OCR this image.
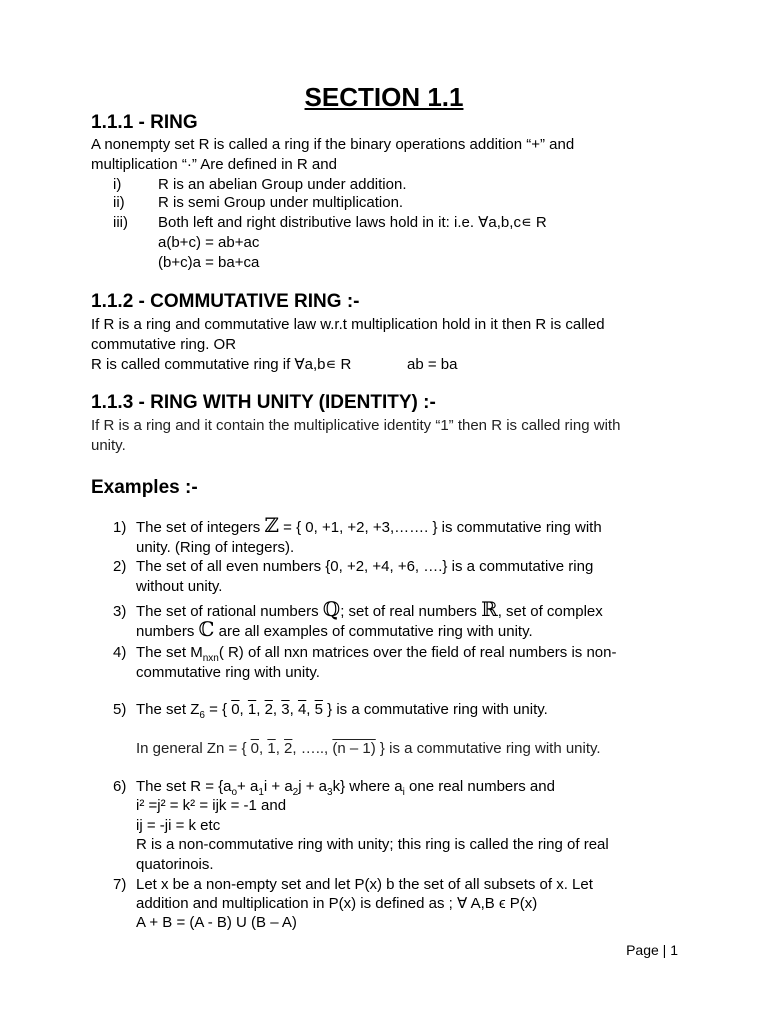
SECTION 1.1
1.1.1 - RING
A nonempty set R is called a ring if the binary operations addition “+” and
multiplication “·” Are defined in R and
i) R is an abelian Group under addition.
ii) R is semi Group under multiplication.
iii) Both left and right distributive laws hold in it: i.e. ∀a,b,c∊ R
a(b+c) = ab+ac
(b+c)a = ba+ca
1.1.2 - COMMUTATIVE RING :-
If R is a ring and commutative law w.r.t multiplication hold in it then R is called
commutative ring. OR
R is called commutative ring if ∀a,b∊ R	ab = ba
1.1.3 - RING WITH UNITY (IDENTITY) :-
If R is a ring and it contain the multiplicative identity “1” then R is called ring with
unity.
Examples :-
1) The set of integers ℤ = { 0, +1, +2, +3,……. } is commutative ring with
unity. (Ring of integers).
2) The set of all even numbers {0, +2, +4, +6, ….} is a commutative ring
without unity.
3) The set of rational numbers ℚ; set of real numbers ℝ, set of complex
numbers ℂ are all examples of commutative ring with unity.
4) The set $M_{nxn}$( R) of all nxn matrices over the field of real numbers is non-
commutative ring with unity.
5) The set $Z_6$ = { 0, 1, 2, 3, 4, 5 } is a commutative ring with unity.
In general Zn = { 0, 1, 2, ….., (n – 1) } is a commutative ring with unity.
6) The set $R = \{a_o+ a_1i + a_2j + a_3k\}$ where $a_i$ one real numbers and
i² =j² = k² = ijk = -1 and
ij = -ji = k etc
R is a non-commutative ring with unity; this ring is called the ring of real
quatorinois.
7) Let x be a non-empty set and let P(x) b the set of all subsets of x. Let
addition and multiplication in P(x) is defined as ; ∀ A,B ϵ P(x)
A + B = (A - B) U (B – A)
Page | 1
